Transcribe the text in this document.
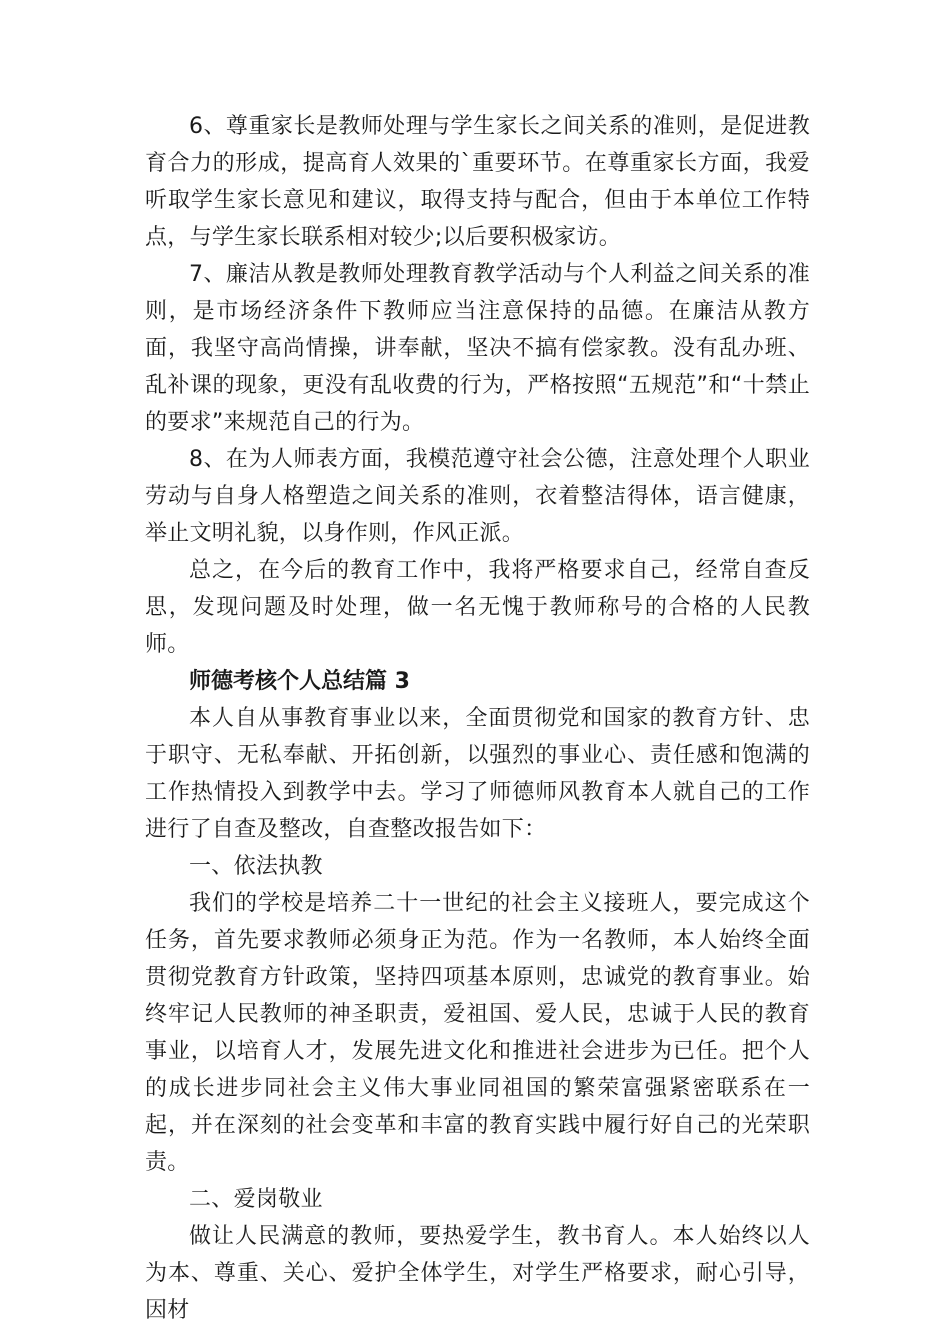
6、尊重家长是教师处理与学生家长之间关系的准则，是促进教育合力的形成，提高育人效果的`重要环节。在尊重家长方面，我爱听取学生家长意见和建议，取得支持与配合，但由于本单位工作特点，与学生家长联系相对较少;以后要积极家访。

7、廉洁从教是教师处理教育教学活动与个人利益之间关系的准则，是市场经济条件下教师应当注意保持的品德。在廉洁从教方面，我坚守高尚情操，讲奉献，坚决不搞有偿家教。没有乱办班、乱补课的现象，更没有乱收费的行为，严格按照“五规范”和“十禁止的要求”来规范自己的行为。

8、在为人师表方面，我模范遵守社会公德，注意处理个人职业劳动与自身人格塑造之间关系的准则，衣着整洁得体，语言健康，举止文明礼貌，以身作则，作风正派。

总之，在今后的教育工作中，我将严格要求自己，经常自查反思，发现问题及时处理，做一名无愧于教师称号的合格的人民教师。

师德考核个人总结篇 3

本人自从事教育事业以来，全面贯彻党和国家的教育方针、忠于职守、无私奉献、开拓创新，以强烈的事业心、责任感和饱满的工作热情投入到教学中去。学习了师德师风教育本人就自己的工作进行了自查及整改，自查整改报告如下：

一、依法执教

我们的学校是培养二十一世纪的社会主义接班人，要完成这个任务，首先要求教师必须身正为范。作为一名教师，本人始终全面贯彻党教育方针政策，坚持四项基本原则，忠诚党的教育事业。始终牢记人民教师的神圣职责，爱祖国、爱人民，忠诚于人民的教育事业，以培育人才，发展先进文化和推进社会进步为已任。把个人的成长进步同社会主义伟大事业同祖国的繁荣富强紧密联系在一起，并在深刻的社会变革和丰富的教育实践中履行好自己的光荣职责。

二、爱岗敬业

做让人民满意的教师，要热爱学生，教书育人。本人始终以人为本、尊重、关心、爱护全体学生，对学生严格要求，耐心引导，因材
